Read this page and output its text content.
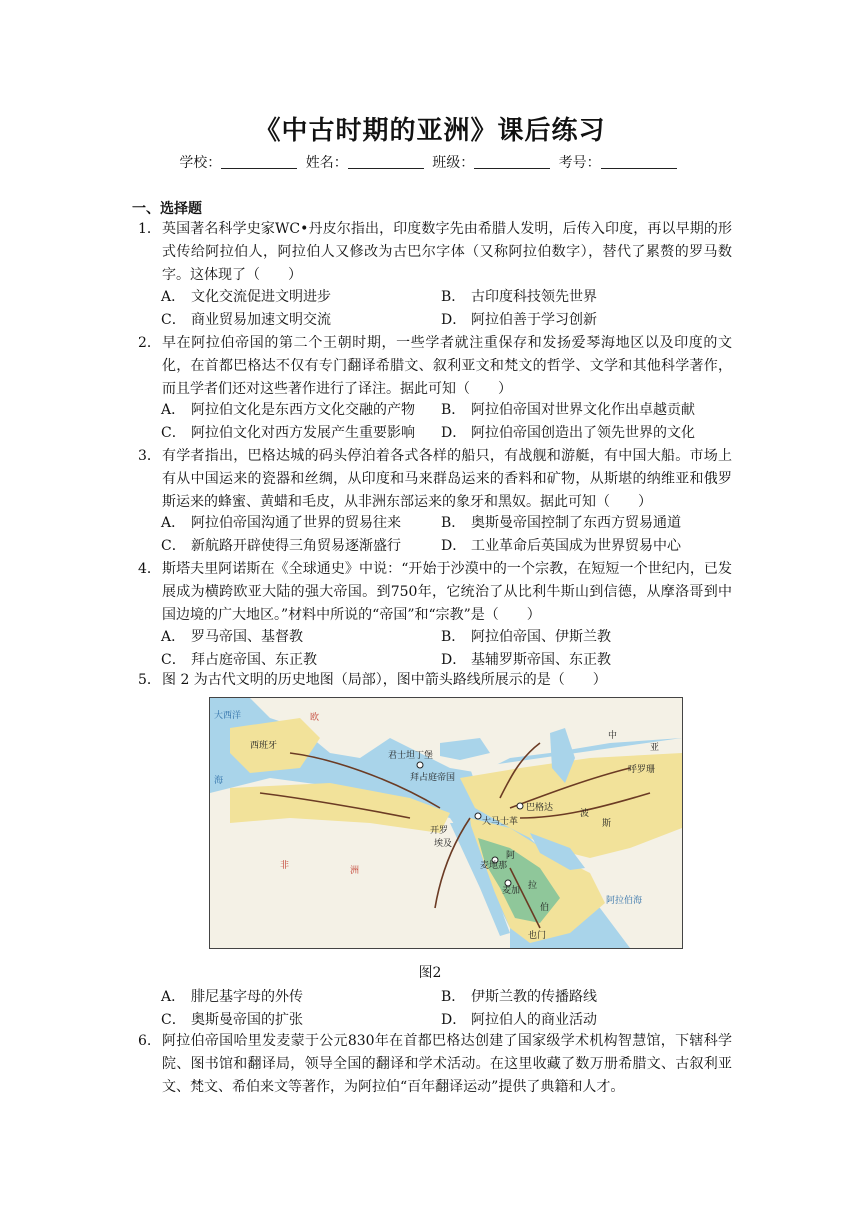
《中古时期的亚洲》课后练习
学校：	姓名：	班级：	考号：
一、选择题
1． 英国著名科学史家WC•丹皮尔指出，印度数字先由希腊人发明，后传入印度，再以早期的形式传给阿拉伯人，阿拉伯人又修改为古巴尔字体（又称阿拉伯数字），替代了累赘的罗马数字。这体现了（　　）
A． 文化交流促进文明进步	B． 古印度科技领先世界
C． 商业贸易加速文明交流	D． 阿拉伯善于学习创新
2． 早在阿拉伯帝国的第二个王朝时期，一些学者就注重保存和发扬爱琴海地区以及印度的文化，在首都巴格达不仅有专门翻译希腊文、叙利亚文和梵文的哲学、文学和其他科学著作，而且学者们还对这些著作进行了译注。据此可知（　　）
A． 阿拉伯文化是东西方文化交融的产物 B． 阿拉伯帝国对世界文化作出卓越贡献
C． 阿拉伯文化对西方发展产生重要影响 D． 阿拉伯帝国创造出了领先世界的文化
3． 有学者指出，巴格达城的码头停泊着各式各样的船只，有战舰和游艇，有中国大船。市场上有从中国运来的瓷器和丝绸，从印度和马来群岛运来的香料和矿物，从斯堪的纳维亚和俄罗斯运来的蜂蜜、黄蜡和毛皮，从非洲东部运来的象牙和黑奴。据此可知（　　）
A． 阿拉伯帝国沟通了世界的贸易往来	B． 奥斯曼帝国控制了东西方贸易通道
C． 新航路开辟使得三角贸易逐渐盛行	D． 工业革命后英国成为世界贸易中心
4． 斯塔夫里阿诺斯在《全球通史》中说：“开始于沙漠中的一个宗教，在短短一个世纪内，已发展成为横跨欧亚大陆的强大帝国。到750年，它统治了从比利牛斯山到信德，从摩洛哥到中国边境的广大地区。”材料中所说的“帝国”和“宗教”是（　　）
A． 罗马帝国、基督教	B． 阿拉伯帝国、伊斯兰教
C． 拜占庭帝国、东正教	D． 基辅罗斯帝国、东正教
5． 图 2 为古代文明的历史地图（局部），图中箭头路线所展示的是（　　）
西班牙
欧
君士坦丁堡
拜占庭帝国
巴格达
大马士革
开罗
埃及
麦地那
麦加
阿
拉
伯
也门
波
斯
呼罗珊
中
亚
非	洲
阿拉伯海
大西洋
海
图2
A． 腓尼基字母的外传	B． 伊斯兰教的传播路线
C． 奥斯曼帝国的扩张	D． 阿拉伯人的商业活动
6. 阿拉伯帝国哈里发麦蒙于公元830年在首都巴格达创建了国家级学术机构智慧馆，下辖科学院、图书馆和翻译局，领导全国的翻译和学术活动。在这里收藏了数万册希腊文、古叙利亚文、梵文、希伯来文等著作，为阿拉伯“百年翻译运动”提供了典籍和人才。
